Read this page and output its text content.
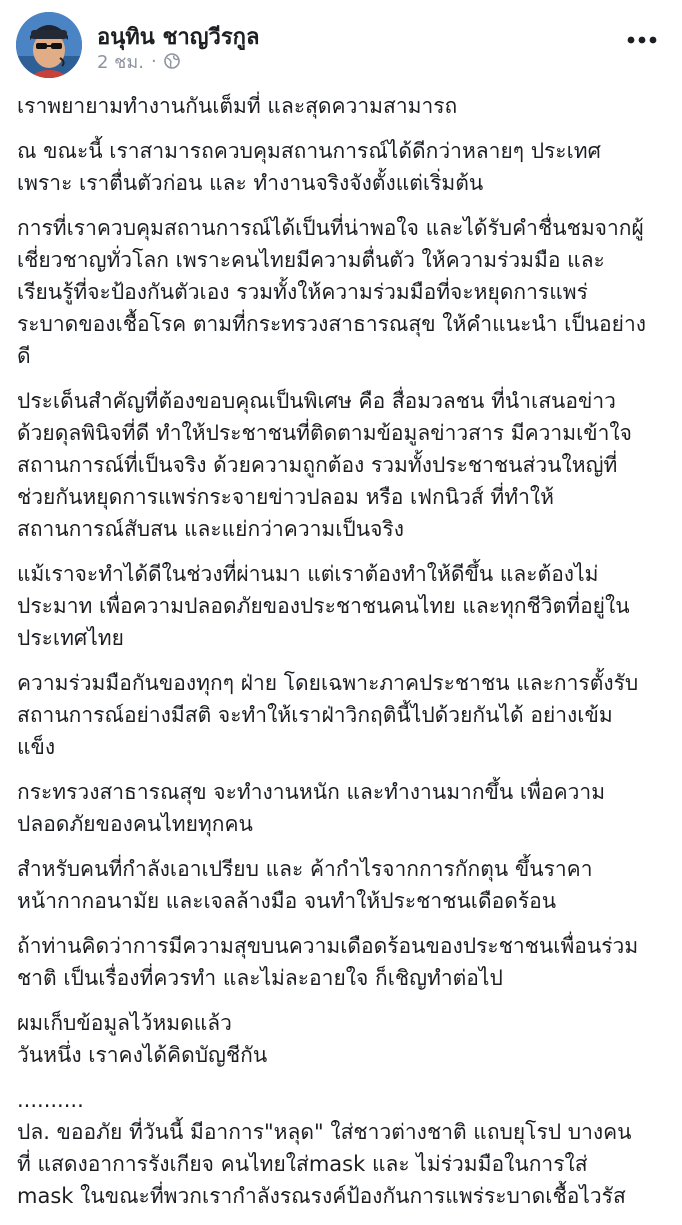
อนุทิน ชาญวีรกูล
2 ชม. ·

เราพยายามทำงานกันเต็มที่ และสุดความสามารถ

ณ ขณะนี้ เราสามารถควบคุมสถานการณ์ได้ดีกว่าหลายๆ ประเทศ
เพราะ เราตื่นตัวก่อน และ ทำงานจริงจังตั้งแต่เริ่มต้น

การที่เราควบคุมสถานการณ์ได้เป็นที่น่าพอใจ และได้รับคำชื่นชมจากผู้
เชี่ยวชาญทั่วโลก เพราะคนไทยมีความตื่นตัว ให้ความร่วมมือ และ
เรียนรู้ที่จะป้องกันตัวเอง รวมทั้งให้ความร่วมมือที่จะหยุดการแพร่
ระบาดของเชื้อโรค ตามที่กระทรวงสาธารณสุข ให้คำแนะนำ เป็นอย่าง
ดี

ประเด็นสำคัญที่ต้องขอบคุณเป็นพิเศษ คือ สื่อมวลชน ที่นำเสนอข่าว
ด้วยดุลพินิจที่ดี ทำให้ประชาชนที่ติดตามข้อมูลข่าวสาร มีความเข้าใจ
สถานการณ์ที่เป็นจริง ด้วยความถูกต้อง รวมทั้งประชาชนส่วนใหญ่ที่
ช่วยกันหยุดการแพร่กระจายข่าวปลอม หรือ เฟกนิวส์ ที่ทำให้
สถานการณ์สับสน และแย่กว่าความเป็นจริง

แม้เราจะทำได้ดีในช่วงที่ผ่านมา แต่เราต้องทำให้ดีขึ้น และต้องไม่
ประมาท เพื่อความปลอดภัยของประชาชนคนไทย และทุกชีวิตที่อยู่ใน
ประเทศไทย

ความร่วมมือกันของทุกๆ ฝ่าย โดยเฉพาะภาคประชาชน และการตั้งรับ
สถานการณ์อย่างมีสติ จะทำให้เราฝ่าวิกฤตินี้ไปด้วยกันได้ อย่างเข้ม
แข็ง

กระทรวงสาธารณสุข จะทำงานหนัก และทำงานมากขึ้น เพื่อความ
ปลอดภัยของคนไทยทุกคน

สำหรับคนที่กำลังเอาเปรียบ และ ค้ากำไรจากการกักตุน ขึ้นราคา
หน้ากากอนามัย และเจลล้างมือ จนทำให้ประชาชนเดือดร้อน

ถ้าท่านคิดว่าการมีความสุขบนความเดือดร้อนของประชาชนเพื่อนร่วม
ชาติ เป็นเรื่องที่ควรทำ และไม่ละอายใจ ก็เชิญทำต่อไป

ผมเก็บข้อมูลไว้หมดแล้ว
วันหนึ่ง เราคงได้คิดบัญชีกัน

..........
ปล. ขออภัย ที่วันนี้ มีอาการ"หลุด" ใส่ชาวต่างชาติ แถบยุโรป บางคน
ที่ แสดงอาการรังเกียจ คนไทยใส่mask และ ไม่ร่วมมือในการใส่
mask ในขณะที่พวกเรากำลังรณรงค์ป้องกันการแพร่ระบาดเชื้อไวรัส
